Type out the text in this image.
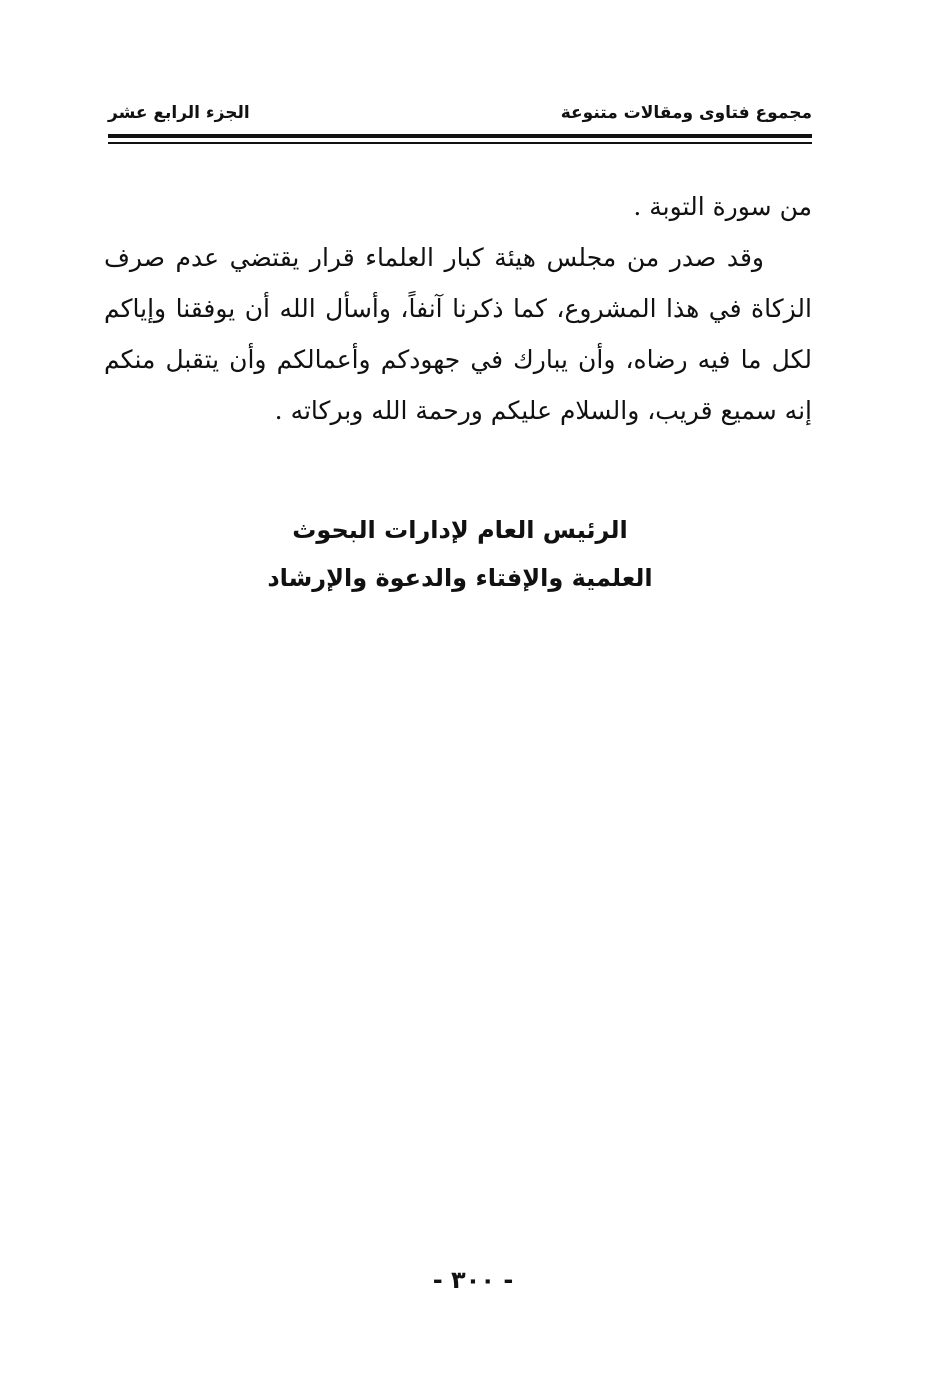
مجموع فتاوى ومقالات متنوعة
الجزء الرابع عشر

من سورة التوبة .

وقد صدر من مجلس هيئة كبار العلماء قرار يقتضي عدم صرف الزكاة في هذا المشروع، كما ذكرنا آنفاً، وأسأل الله أن يوفقنا وإياكم لكل ما فيه رضاه، وأن يبارك في جهودكم وأعمالكم وأن يتقبل منكم إنه سميع قريب، والسلام عليكم ورحمة الله وبركاته .

الرئيس العام لإدارات البحوث
العلمية والإفتاء والدعوة والإرشاد
- ٣٠٠ -
